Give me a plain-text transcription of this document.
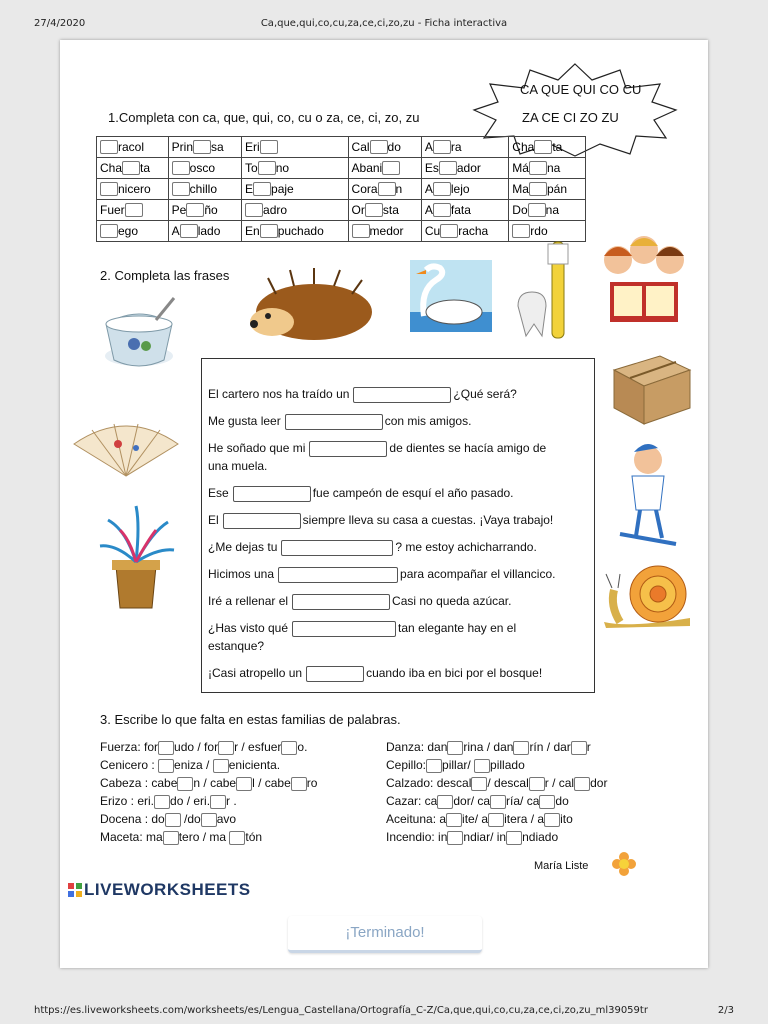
27/4/2020	Ca,que,qui,co,cu,za,ce,ci,zo,zu - Ficha interactiva
https://es.liveworksheets.com/worksheets/es/Lengua_Castellana/Ortografía_C-Z/Ca,que,qui,co,cu,za,ce,ci,zo,zu_ml39059tr	2/3
CA QUE QUI CO CU
ZA CE CI ZO ZU
1.Completa con ca, que, qui, co, cu o za, ce, ci, zo, zu
racol	Prin sa	Eri	Cal do	A ra	Cha ta
Cha ta	osco	To no	Abani	Es ador	Má na
nicero	chillo	E paje	Cora n	A lejo	Ma pán
Fuer	Pe ño	adro	Or sta	A fata	Do na
ego	A lado	En puchado	medor	Cu racha	rdo
2. Completa las frases
El cartero nos ha traído un	¿Qué será?
Me gusta leer	con mis amigos.
He soñado que mi	de dientes se hacía amigo de
una muela.
Ese	fue campeón de esquí el año pasado.
El	siempre lleva su casa a cuestas. ¡Vaya trabajo!
¿Me dejas tu	? me estoy achicharrando.
Hicimos una	para acompañar el villancico.
Iré a rellenar el	Casi no queda azúcar.
¿Has visto qué	tan elegante hay en el
estanque?
¡Casi atropello un	cuando iba en bici por el bosque!
3. Escribe lo que falta en estas familias de palabras.
Fuerza: for udo / for r / esfuer o.
Cenicero : eniza / enicienta.
Cabeza : cabe n / cabe l / cabe ro
Erizo : eri. do / eri. r .
Docena : do /do avo
Maceta: ma tero / ma tón
Danza: dan rina / dan rín / dar r
Cepillo: pillar/ pillado
Calzado: descal / descal r / cal dor
Cazar: ca dor/ ca ría/ ca do
Aceituna: a ite/ a itera / a ito
Incendio: in ndiar/ in ndiado
María Liste
LIVEWORKSHEETS
¡Terminado!
